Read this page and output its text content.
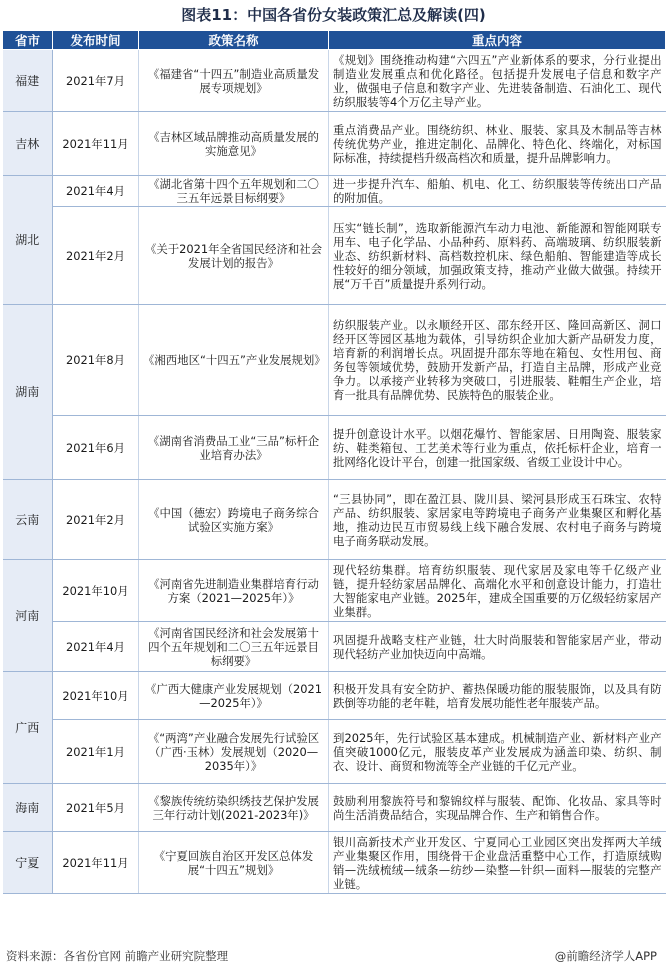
图表11：中国各省份女装政策汇总及解读(四)
省市	发布时间	政策名称	重点内容
福建	2021年7月	《福建省“十四五”制造业高质量发展专项规划》	《规划》围绕推动构建“六四五”产业新体系的要求，分行业提出制造业发展重点和优化路径。包括提升发展电子信息和数字产业，做强电子信息和数字产业、先进装备制造、石油化工、现代纺织服装等4个万亿主导产业。
吉林	2021年11月	《吉林区域品牌推动高质量发展的实施意见》	重点消费品产业。围绕纺织、林业、服装、家具及木制品等吉林传统优势产业，推进定制化、品牌化、特色化、终端化，对标国际标准，持续提档升级高档次和质量，提升品牌影响力。
湖北	2021年4月	《湖北省第十四个五年规划和二〇三五年远景目标纲要》	进一步提升汽车、船舶、机电、化工、纺织服装等传统出口产品的附加值。
	2021年2月	《关于2021年全省国民经济和社会发展计划的报告》	压实“链长制”，选取新能源汽车动力电池、新能源和智能网联专用车、电子化学品、小品种药、原料药、高端玻璃、纺织服装新业态、纺织新材料、高档数控机床、绿色船舶、智能建造等成长性较好的细分领域，加强政策支持，推动产业做大做强。持续开展“万千百”质量提升系列行动。
湖南	2021年8月	《湘西地区“十四五”产业发展规划》	纺织服装产业。以永顺经开区、邵东经开区、隆回高新区、洞口经开区等园区基地为载体，引导纺织企业加大新产品研发力度，培育新的利润增长点。巩固提升邵东等地在箱包、女性用包、商务包等领域优势，鼓励开发新产品，打造自主品牌，形成产业竞争力。以承接产业转移为突破口，引进服装、鞋帽生产企业，培育一批具有品牌优势、民族特色的服装企业。
	2021年6月	《湖南省消费品工业“三品”标杆企业培育办法》	提升创意设计水平。以烟花爆竹、智能家居、日用陶瓷、服装家纺、鞋类箱包、工艺美术等行业为重点，依托标杆企业，培育一批网络化设计平台，创建一批国家级、省级工业设计中心。
云南	2021年2月	《中国（德宏）跨境电子商务综合试验区实施方案》	“三县协同”，即在盈江县、陇川县、梁河县形成玉石珠宝、农特产品、纺织服装、家居家电等跨境电子商务产业集聚区和孵化基地，推动边民互市贸易线上线下融合发展、农村电子商务与跨境电子商务联动发展。
河南	2021年10月	《河南省先进制造业集群培育行动方案（2021—2025年）》	现代轻纺集群。培育纺织服装、现代家居及家电等千亿级产业链，提升轻纺家居品牌化、高端化水平和创意设计能力，打造壮大智能家电产业链。2025年，建成全国重要的万亿级轻纺家居产业集群。
	2021年4月	《河南省国民经济和社会发展第十四个五年规划和二〇三五年远景目标纲要》	巩固提升战略支柱产业链，壮大时尚服装和智能家居产业，带动现代轻纺产业加快迈向中高端。
广西	2021年10月	《广西大健康产业发展规划（2021—2025年）》	积极开发具有安全防护、蓄热保暖功能的服装服饰，以及具有防跌倒等功能的老年鞋，培育发展功能性老年服装产品。
	2021年1月	《“两湾”产业融合发展先行试验区（广西·玉林）发展规划（2020—2035年）》	到2025年，先行试验区基本建成。机械制造产业、新材料产业产值突破1000亿元，服装皮革产业发展成为涵盖印染、纺织、制衣、设计、商贸和物流等全产业链的千亿元产业。
海南	2021年5月	《黎族传统纺染织绣技艺保护发展三年行动计划(2021-2023年)》	鼓励利用黎族符号和黎锦纹样与服装、配饰、化妆品、家具等时尚生活消费品结合，实现品牌合作、生产和销售合作。
宁夏	2021年11月	《宁夏回族自治区开发区总体发展“十四五”规划》	银川高新技术产业开发区、宁夏同心工业园区突出发挥两大羊绒产业集聚区作用，围绕骨干企业盘活重整中心工作，打造原绒购销—洗绒梳绒—绒条—纺纱—染整—针织—面料—服装的完整产业链。
资料来源：各省份官网 前瞻产业研究院整理	@前瞻经济学人APP
